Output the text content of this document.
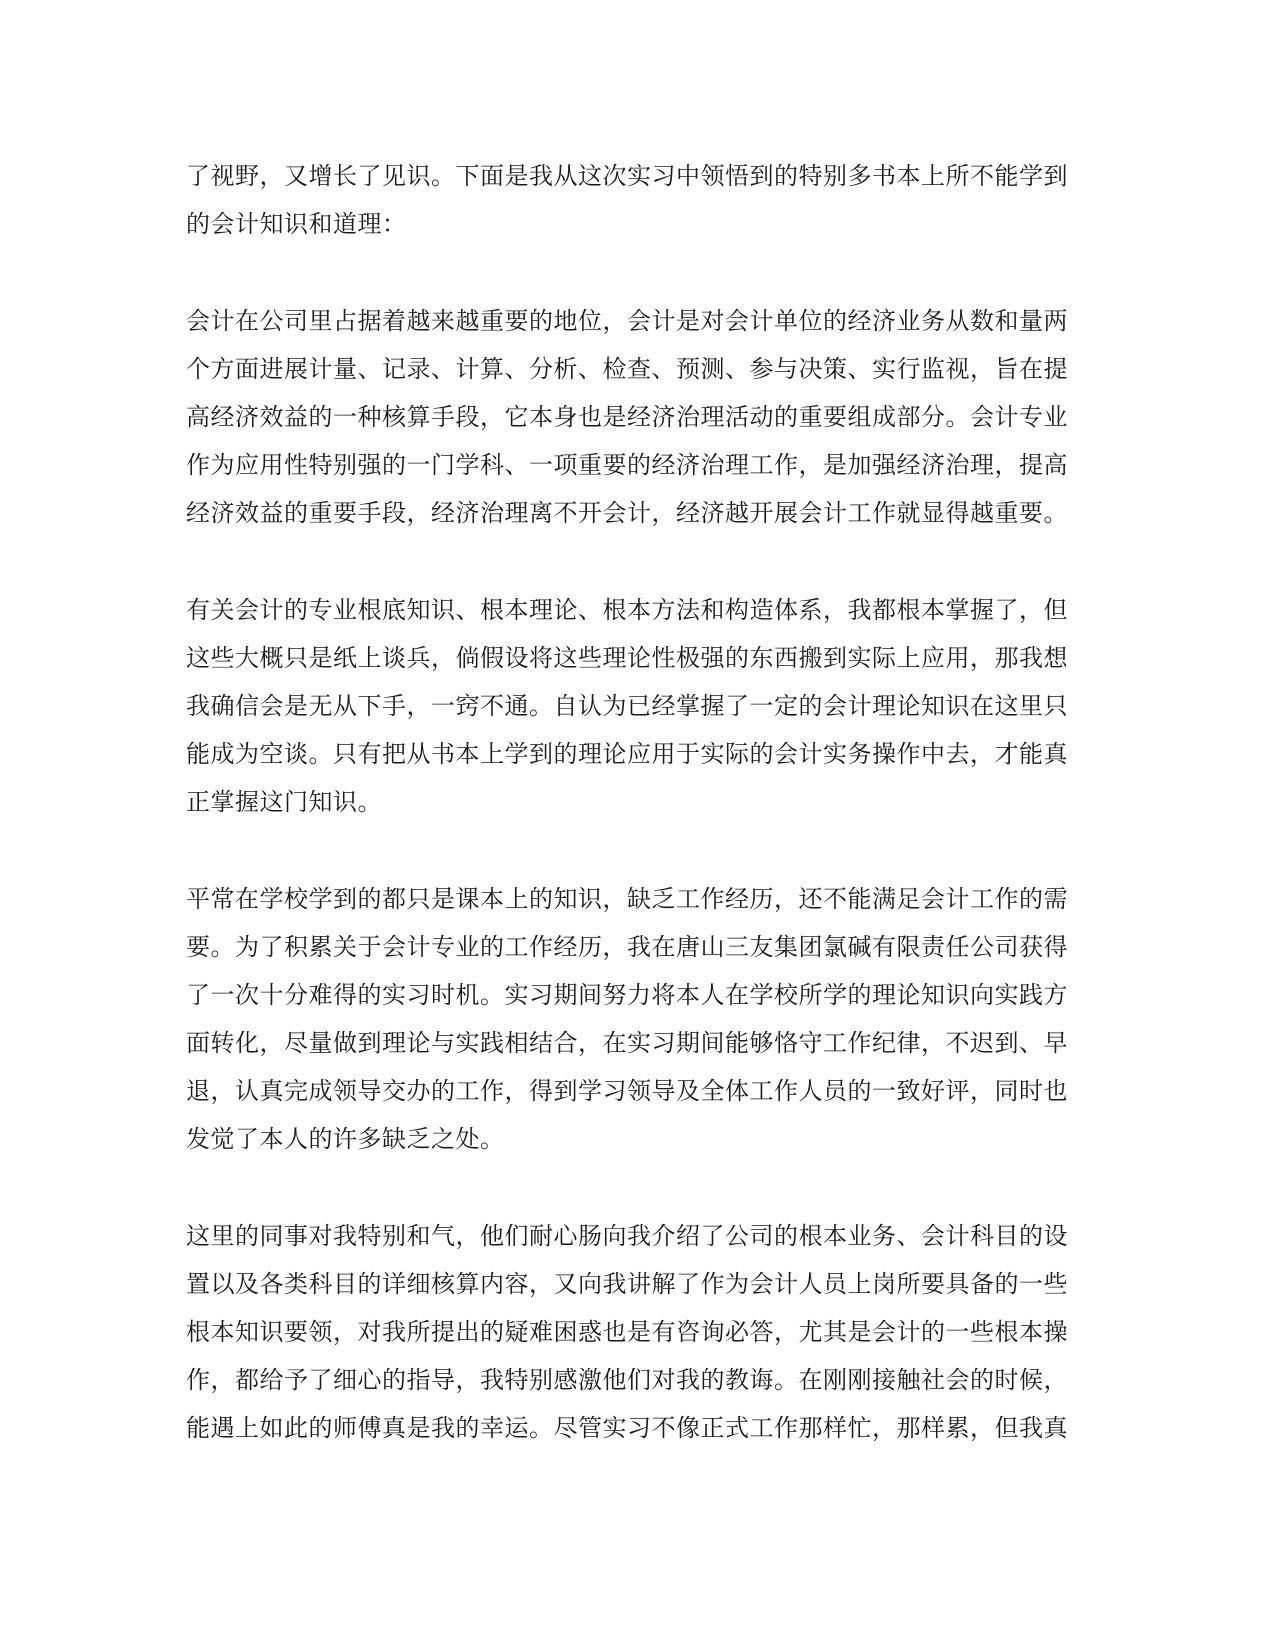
了视野，又增长了见识。下面是我从这次实习中领悟到的特别多书本上所不能学到
的会计知识和道理：
会计在公司里占据着越来越重要的地位，会计是对会计单位的经济业务从数和量两
个方面进展计量、记录、计算、分析、检查、预测、参与决策、实行监视，旨在提
高经济效益的一种核算手段，它本身也是经济治理活动的重要组成部分。会计专业
作为应用性特别强的一门学科、一项重要的经济治理工作，是加强经济治理，提高
经济效益的重要手段，经济治理离不开会计，经济越开展会计工作就显得越重要。
有关会计的专业根底知识、根本理论、根本方法和构造体系，我都根本掌握了，但
这些大概只是纸上谈兵，倘假设将这些理论性极强的东西搬到实际上应用，那我想
我确信会是无从下手，一窍不通。自认为已经掌握了一定的会计理论知识在这里只
能成为空谈。只有把从书本上学到的理论应用于实际的会计实务操作中去，才能真
正掌握这门知识。
平常在学校学到的都只是课本上的知识，缺乏工作经历，还不能满足会计工作的需
要。为了积累关于会计专业的工作经历，我在唐山三友集团氯碱有限责任公司获得
了一次十分难得的实习时机。实习期间努力将本人在学校所学的理论知识向实践方
面转化，尽量做到理论与实践相结合，在实习期间能够恪守工作纪律，不迟到、早
退，认真完成领导交办的工作，得到学习领导及全体工作人员的一致好评，同时也
发觉了本人的许多缺乏之处。
这里的同事对我特别和气，他们耐心肠向我介绍了公司的根本业务、会计科目的设
置以及各类科目的详细核算内容，又向我讲解了作为会计人员上岗所要具备的一些
根本知识要领，对我所提出的疑难困惑也是有咨询必答，尤其是会计的一些根本操
作，都给予了细心的指导，我特别感激他们对我的教诲。在刚刚接触社会的时候，
能遇上如此的师傅真是我的幸运。尽管实习不像正式工作那样忙，那样累，但我真
